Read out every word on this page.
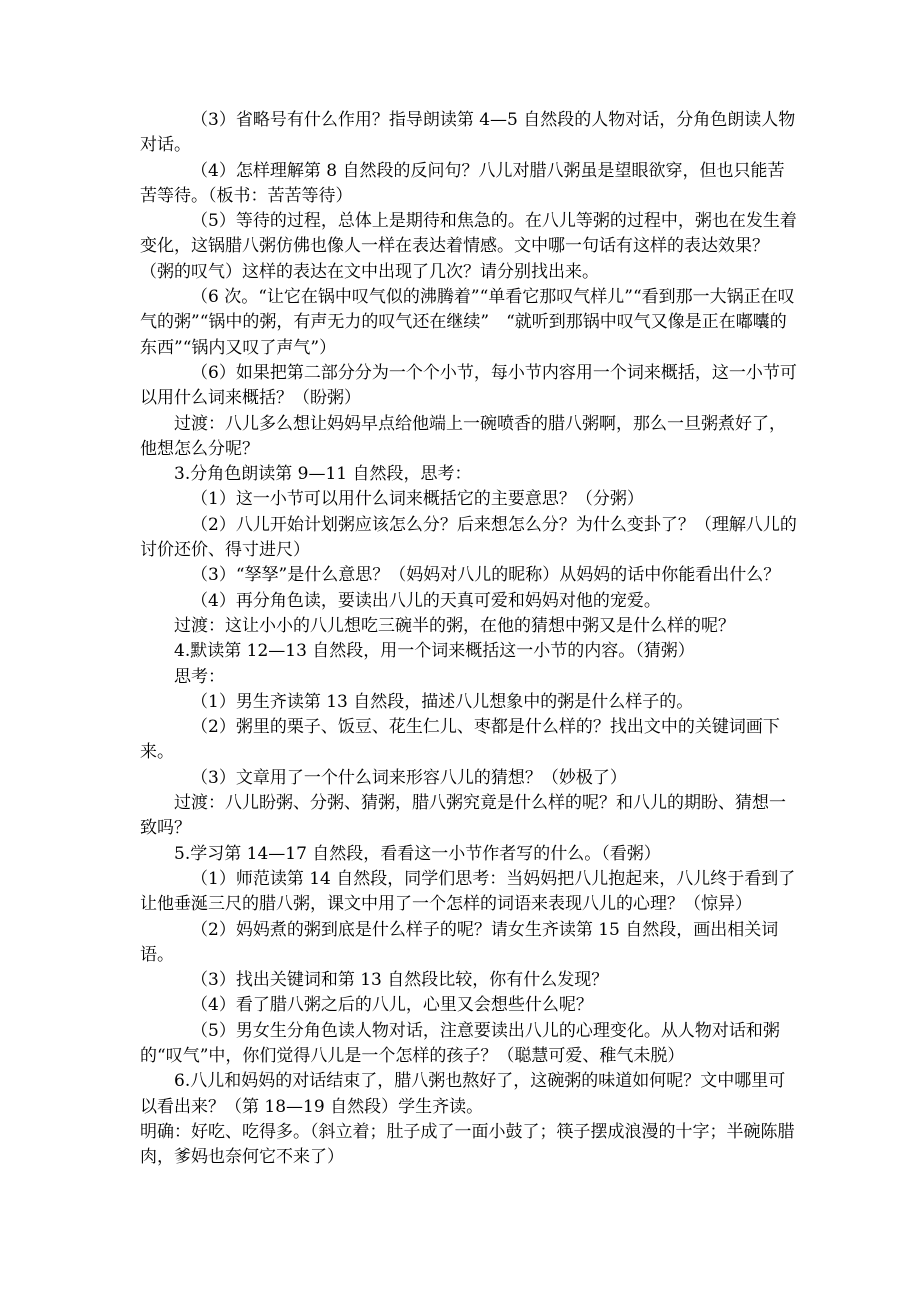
（3）省略号有什么作用？指导朗读第 4—5 自然段的人物对话，分角色朗读人物对话。

（4）怎样理解第 8 自然段的反问句？八儿对腊八粥虽是望眼欲穿，但也只能苦苦等待。（板书：苦苦等待）

（5）等待的过程，总体上是期待和焦急的。在八儿等粥的过程中，粥也在发生着变化，这锅腊八粥仿佛也像人一样在表达着情感。文中哪一句话有这样的表达效果？（粥的叹气）这样的表达在文中出现了几次？请分别找出来。

（6 次。“让它在锅中叹气似的沸腾着”“单看它那叹气样儿”“看到那一大锅正在叹气的粥”“锅中的粥，有声无力的叹气还在继续”　“就听到那锅中叹气又像是正在嘟囔的东西”“锅内又叹了声气”）

（6）如果把第二部分分为一个个小节，每小节内容用一个词来概括，这一小节可以用什么词来概括？（盼粥）

过渡：八儿多么想让妈妈早点给他端上一碗喷香的腊八粥啊，那么一旦粥煮好了，他想怎么分呢？

3.分角色朗读第 9—11 自然段，思考：

（1）这一小节可以用什么词来概括它的主要意思？（分粥）

（2）八儿开始计划粥应该怎么分？后来想怎么分？为什么变卦了？（理解八儿的讨价还价、得寸进尺）

（3）“孥孥”是什么意思？（妈妈对八儿的昵称）从妈妈的话中你能看出什么？

（4）再分角色读，要读出八儿的天真可爱和妈妈对他的宠爱。

过渡：这让小小的八儿想吃三碗半的粥，在他的猜想中粥又是什么样的呢？

4.默读第 12—13 自然段，用一个词来概括这一小节的内容。（猜粥）

思考：

（1）男生齐读第 13 自然段，描述八儿想象中的粥是什么样子的。

（2）粥里的栗子、饭豆、花生仁儿、枣都是什么样的？找出文中的关键词画下来。

（3）文章用了一个什么词来形容八儿的猜想？（妙极了）

过渡：八儿盼粥、分粥、猜粥，腊八粥究竟是什么样的呢？和八儿的期盼、猜想一致吗？

5.学习第 14—17 自然段，看看这一小节作者写的什么。（看粥）

（1）师范读第 14 自然段，同学们思考：当妈妈把八儿抱起来，八儿终于看到了让他垂涎三尺的腊八粥，课文中用了一个怎样的词语来表现八儿的心理？（惊异）

（2）妈妈煮的粥到底是什么样子的呢？请女生齐读第 15 自然段，画出相关词语。

（3）找出关键词和第 13 自然段比较，你有什么发现？

（4）看了腊八粥之后的八儿，心里又会想些什么呢？

（5）男女生分角色读人物对话，注意要读出八儿的心理变化。从人物对话和粥的“叹气”中，你们觉得八儿是一个怎样的孩子？（聪慧可爱、稚气未脱）

6.八儿和妈妈的对话结束了，腊八粥也熬好了，这碗粥的味道如何呢？文中哪里可以看出来？（第 18—19 自然段）学生齐读。

明确：好吃、吃得多。（斜立着；肚子成了一面小鼓了；筷子摆成浪漫的十字；半碗陈腊肉，爹妈也奈何它不来了）
